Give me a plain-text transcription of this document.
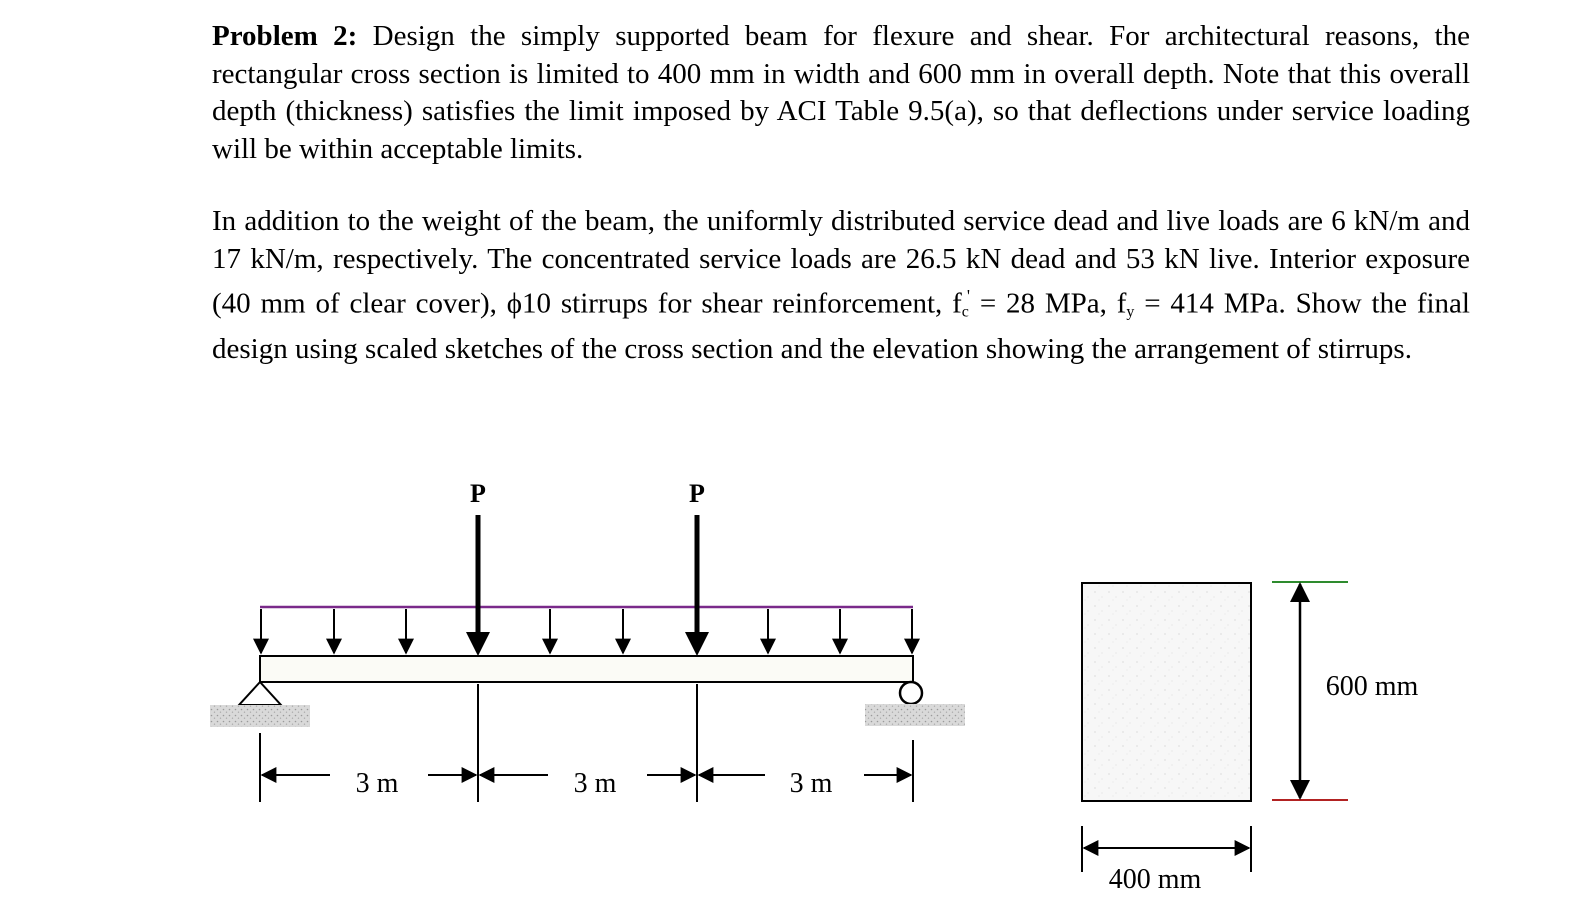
Problem 2: Design the simply supported beam for flexure and shear. For architectural reasons, the rectangular cross section is limited to 400 mm in width and 600 mm in overall depth. Note that this overall depth (thickness) satisfies the limit imposed by ACI Table 9.5(a), so that deflections under service loading will be within acceptable limits.

In addition to the weight of the beam, the uniformly distributed service dead and live loads are 6 kN/m and 17 kN/m, respectively. The concentrated service loads are 26.5 kN dead and 53 kN live. Interior exposure (40 mm of clear cover), ϕ10 stirrups for shear reinforcement, $f_c' = 28$ MPa, $f_y = 414$ MPa. Show the final design using scaled sketches of the cross section and the elevation showing the arrangement of stirrups.

P	P
3 m	3 m	3 m
600 mm
400 mm
